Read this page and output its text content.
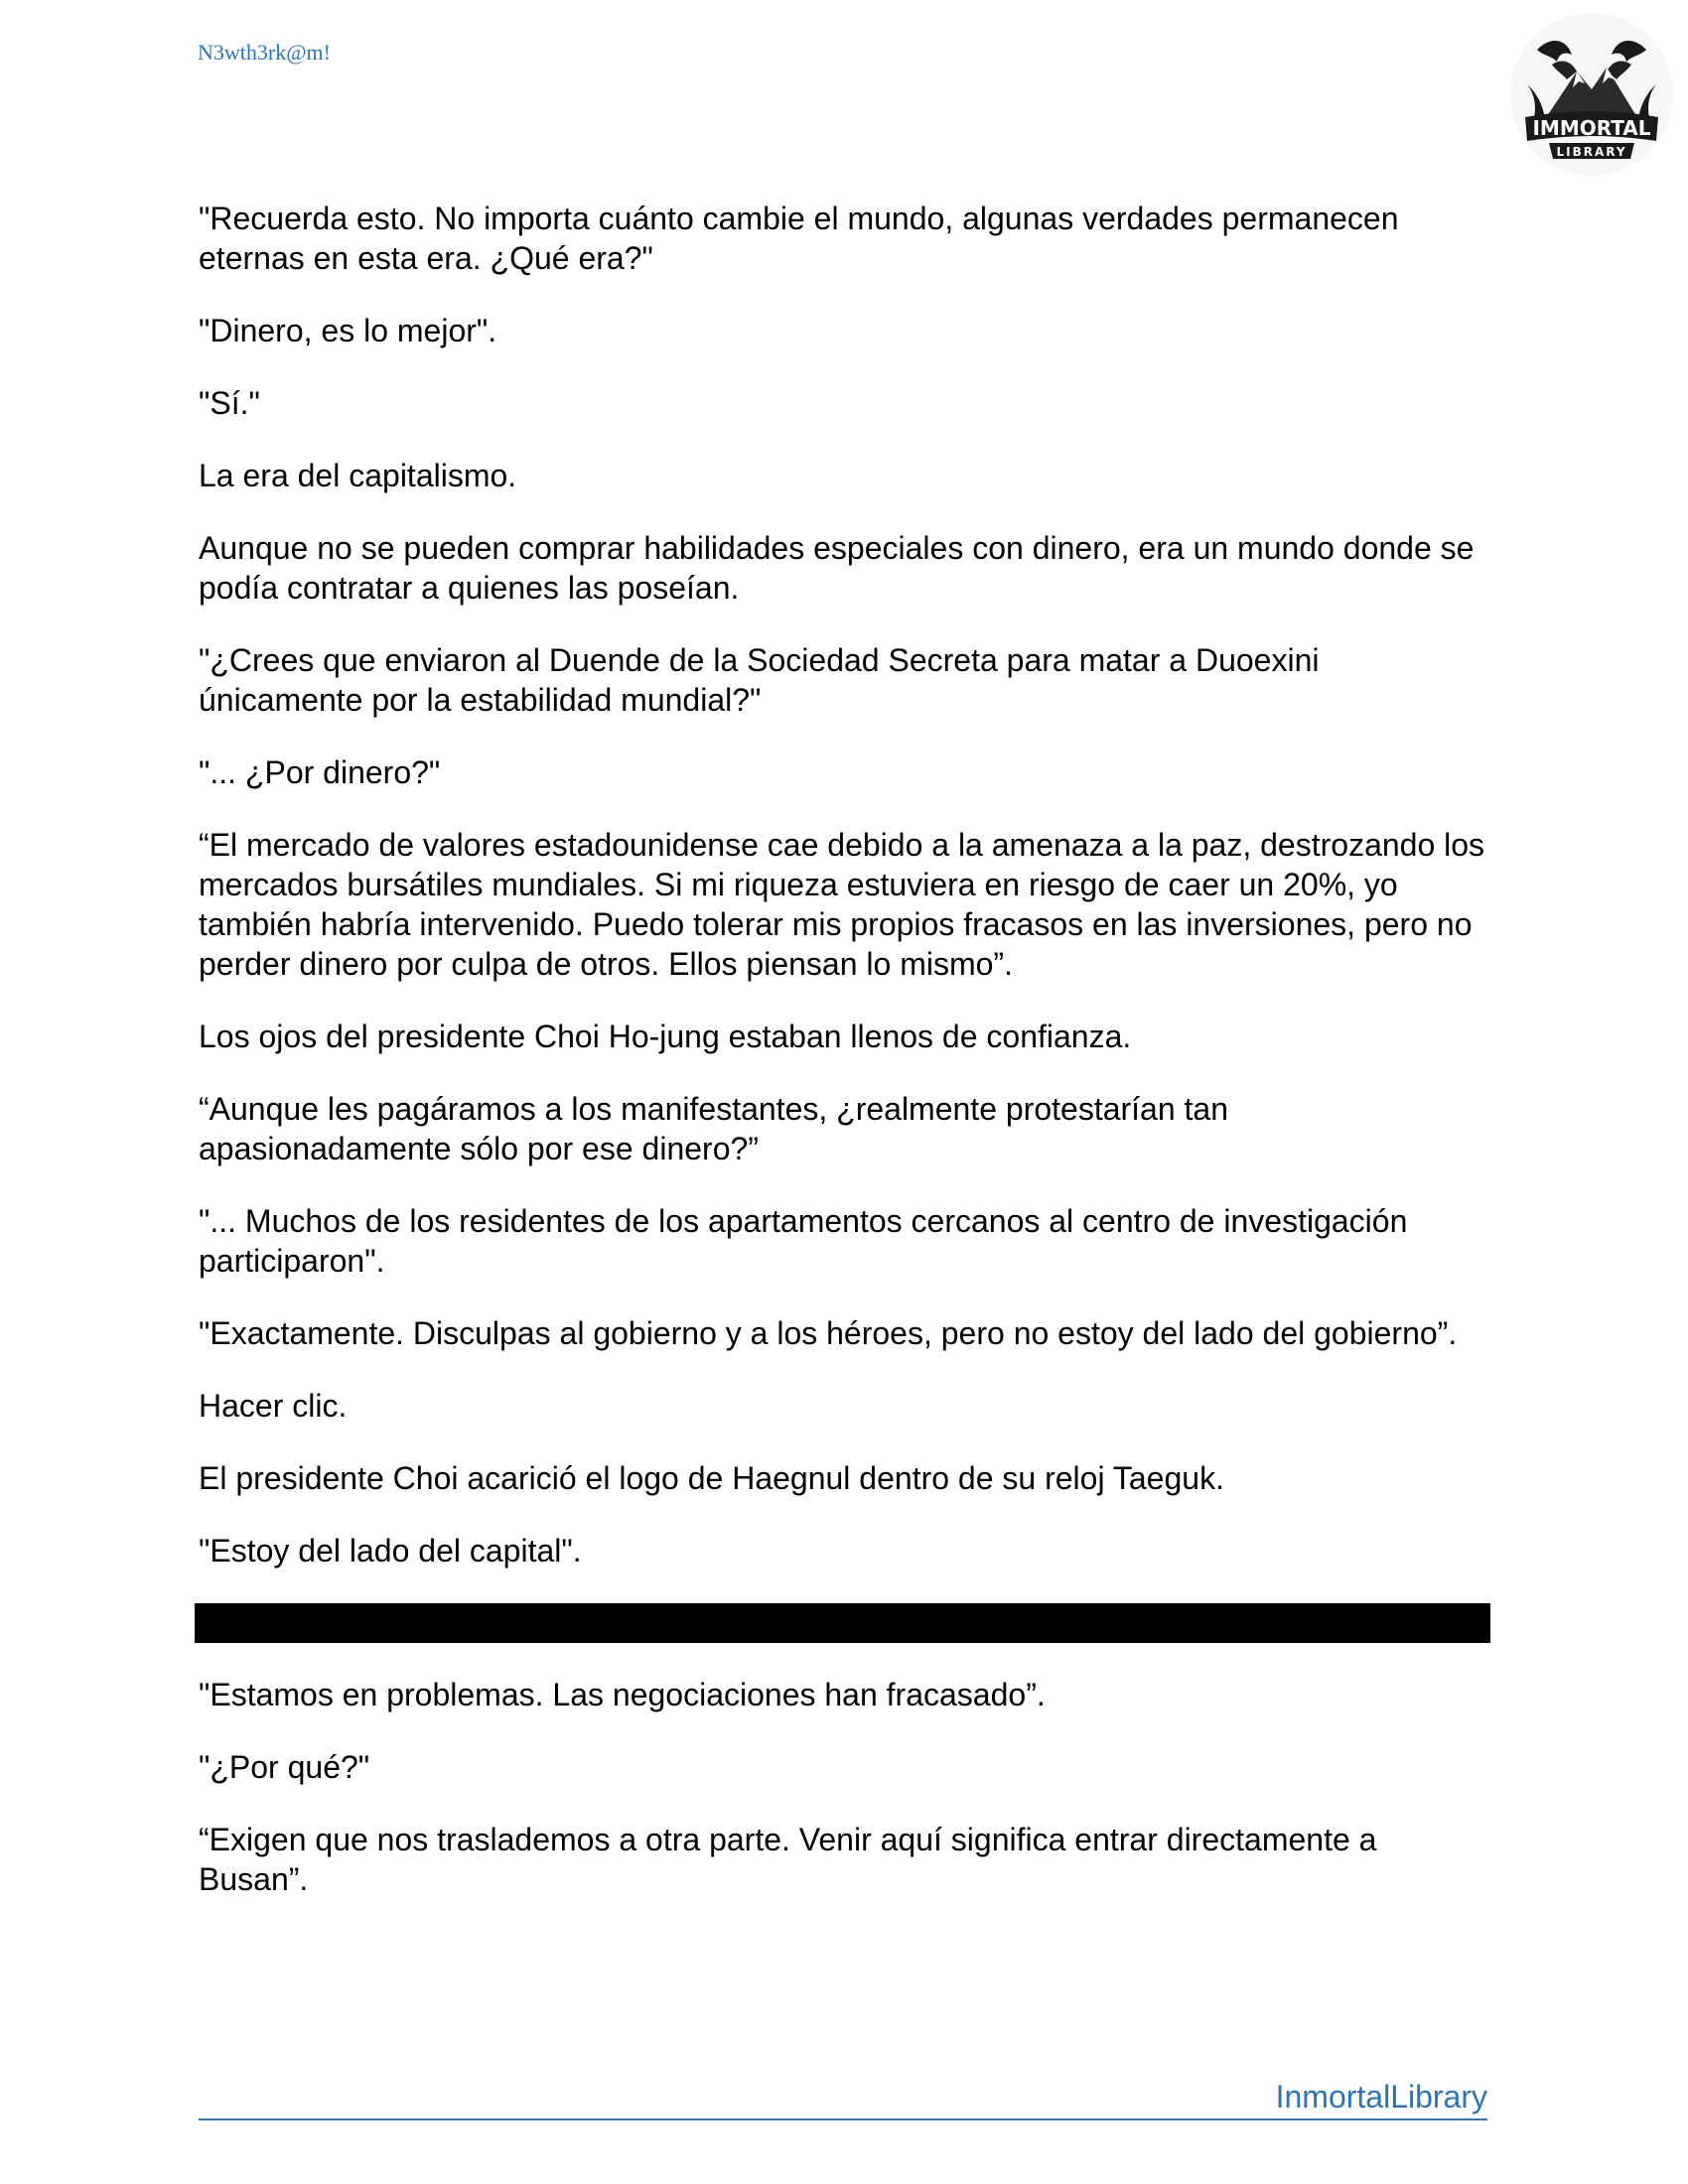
N3wth3rk@m!
IMMORTAL
LIBRARY

"Recuerda esto. No importa cuánto cambie el mundo, algunas verdades permanecen eternas en esta era. ¿Qué era?"

"Dinero, es lo mejor".

"Sí."

La era del capitalismo.

Aunque no se pueden comprar habilidades especiales con dinero, era un mundo donde se podía contratar a quienes las poseían.

"¿Crees que enviaron al Duende de la Sociedad Secreta para matar a Duoexini únicamente por la estabilidad mundial?"

"... ¿Por dinero?"

“El mercado de valores estadounidense cae debido a la amenaza a la paz, destrozando los mercados bursátiles mundiales. Si mi riqueza estuviera en riesgo de caer un 20%, yo también habría intervenido. Puedo tolerar mis propios fracasos en las inversiones, pero no perder dinero por culpa de otros. Ellos piensan lo mismo”.

Los ojos del presidente Choi Ho-jung estaban llenos de confianza.

“Aunque les pagáramos a los manifestantes, ¿realmente protestarían tan apasionadamente sólo por ese dinero?”

"... Muchos de los residentes de los apartamentos cercanos al centro de investigación participaron".

"Exactamente. Disculpas al gobierno y a los héroes, pero no estoy del lado del gobierno”.

Hacer clic.

El presidente Choi acarició el logo de Haegnul dentro de su reloj Taeguk.

"Estoy del lado del capital".

"Estamos en problemas. Las negociaciones han fracasado”.

"¿Por qué?"

“Exigen que nos traslademos a otra parte. Venir aquí significa entrar directamente a Busan”.

InmortalLibrary
